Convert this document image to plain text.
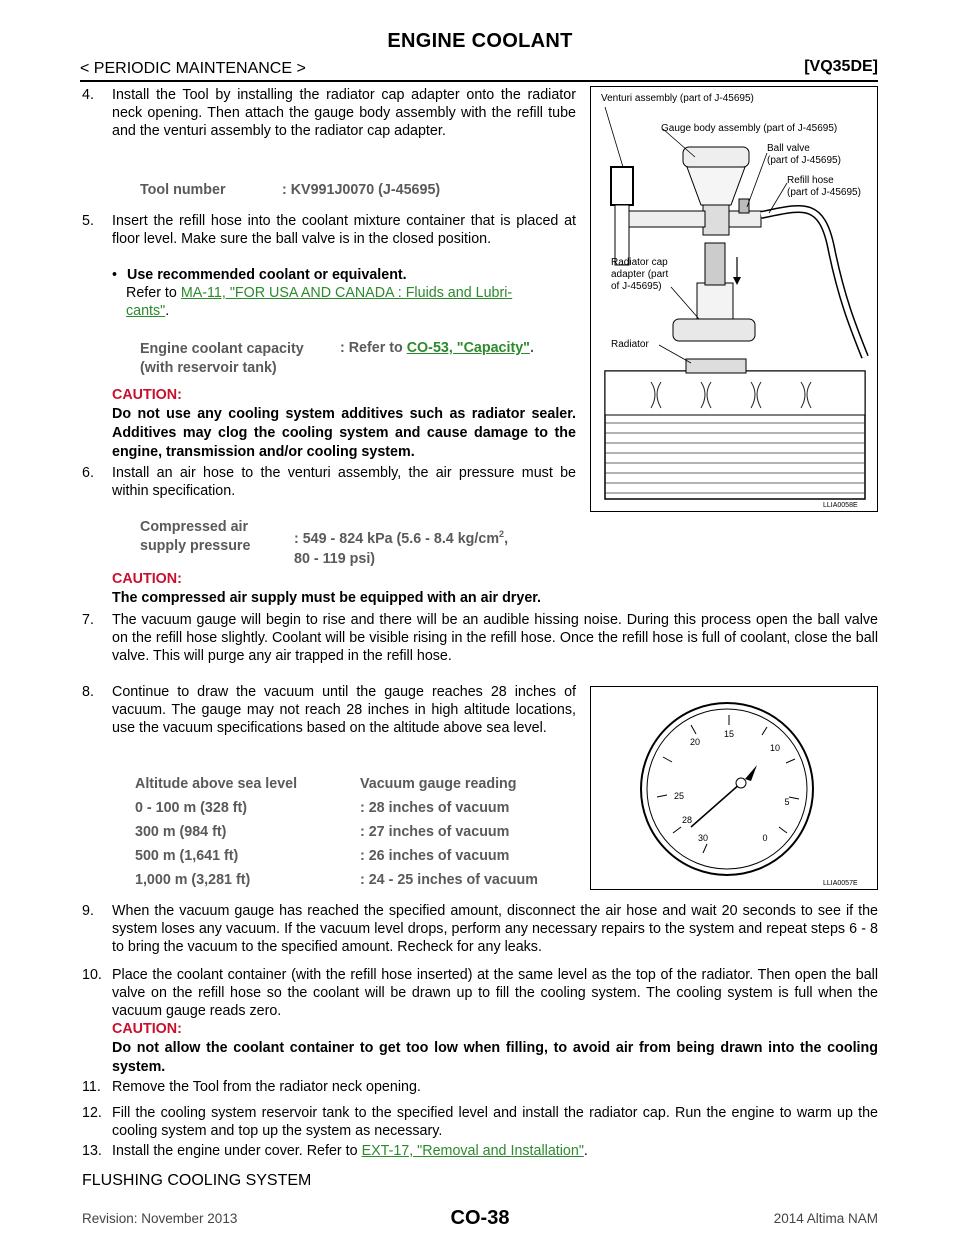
ENGINE COOLANT
< PERIODIC MAINTENANCE >	[VQ35DE]
4. Install the Tool by installing the radiator cap adapter onto the radiator neck opening. Then attach the gauge body assembly with the refill tube and the venturi assembly to the radiator cap adapter.
Tool number	: KV991J0070 (J-45695)
5. Insert the refill hose into the coolant mixture container that is placed at floor level. Make sure the ball valve is in the closed position.
• Use recommended coolant or equivalent.
Refer to MA-11, "FOR USA AND CANADA : Fluids and Lubri-
cants".
Engine coolant capacity
(with reservoir tank)
: Refer to CO-53, "Capacity".
CAUTION:
Do not use any cooling system additives such as radiator sealer. Additives may clog the cooling system and cause damage to the engine, transmission and/or cooling system.
6. Install an air hose to the venturi assembly, the air pressure must be within specification.
Compressed air
supply pressure	: 549 - 824 kPa (5.6 - 8.4 $kg/cm^2$,
80 - 119 psi)
CAUTION:
The compressed air supply must be equipped with an air dryer.
7. The vacuum gauge will begin to rise and there will be an audible hissing noise. During this process open the ball valve on the refill hose slightly. Coolant will be visible rising in the refill hose. Once the refill hose is full of coolant, close the ball valve. This will purge any air trapped in the refill hose.
8. Continue to draw the vacuum until the gauge reaches 28 inches of vacuum. The gauge may not reach 28 inches in high altitude locations, use the vacuum specifications based on the altitude above sea level.
Altitude above sea level	Vacuum gauge reading
0 - 100 m (328 ft)	: 28 inches of vacuum
300 m (984 ft)	: 27 inches of vacuum
500 m (1,641 ft)	: 26 inches of vacuum
1,000 m (3,281 ft)	: 24 - 25 inches of vacuum
9. When the vacuum gauge has reached the specified amount, disconnect the air hose and wait 20 seconds to see if the system loses any vacuum. If the vacuum level drops, perform any necessary repairs to the system and repeat steps 6 - 8 to bring the vacuum to the specified amount. Recheck for any leaks.
10. Place the coolant container (with the refill hose inserted) at the same level as the top of the radiator. Then open the ball valve on the refill hose so the coolant will be drawn up to fill the cooling system. The cooling system is full when the vacuum gauge reads zero.
CAUTION:
Do not allow the coolant container to get too low when filling, to avoid air from being drawn into the cooling system.
11. Remove the Tool from the radiator neck opening.
12. Fill the cooling system reservoir tank to the specified level and install the radiator cap. Run the engine to warm up the cooling system and top up the system as necessary.
13. Install the engine under cover. Refer to EXT-17, "Removal and Installation".
FLUSHING COOLING SYSTEM
Venturi assembly (part of J-45695)
Gauge body assembly (part of J-45695)
Ball valve
(part of J-45695)
Refill hose
(part of J-45695)
Radiator cap
adapter (part
of J-45695)
Radiator
LLIA0058E
15
20
10
25
5
28
30	0
LLIA0057E
Revision: November 2013	CO-38	2014 Altima NAM
